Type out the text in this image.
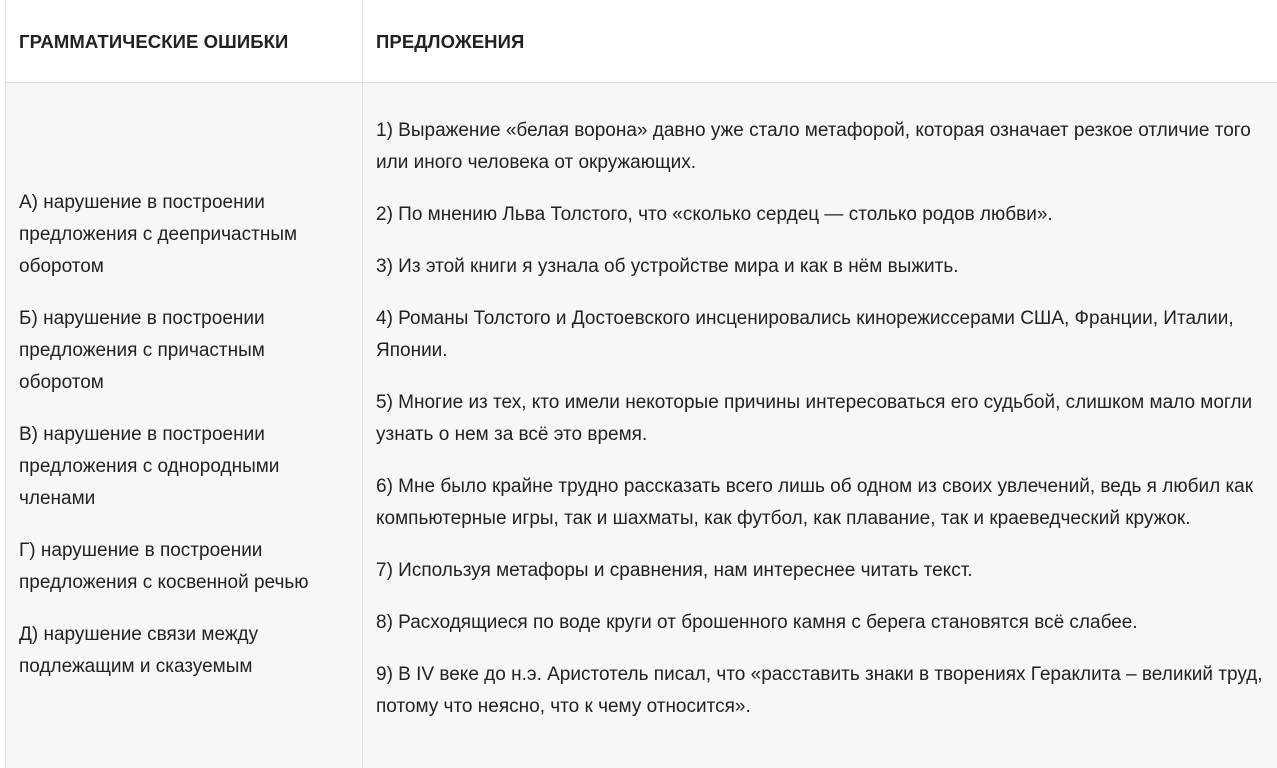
ГРАММАТИЧЕСКИЕ ОШИБКИ	ПРЕДЛОЖЕНИЯ

А) нарушение в построении предложения с деепричастным оборотом

Б) нарушение в построении предложения с причастным оборотом

В) нарушение в построении предложения с однородными членами

Г) нарушение в построении предложения с косвенной речью

Д) нарушение связи между подлежащим и сказуемым

1) Выражение «белая ворона» давно уже стало метафорой, которая означает резкое отличие того или иного человека от окружающих.

2) По мнению Льва Толстого, что «сколько сердец — столько родов любви».

3) Из этой книги я узнала об устройстве мира и как в нём выжить.

4) Романы Толстого и Достоевского инсценировались кинорежиссерами США, Франции, Италии, Японии.

5) Многие из тех, кто имели некоторые причины интересоваться его судьбой, слишком мало могли узнать о нем за всё это время.

6) Мне было крайне трудно рассказать всего лишь об одном из своих увлечений, ведь я любил как компьютерные игры, так и шахматы, как футбол, как плавание, так и краеведческий кружок.

7) Используя метафоры и сравнения, нам интереснее читать текст.

8) Расходящиеся по воде круги от брошенного камня с берега становятся всё слабее.

9) В IV веке до н.э. Аристотель писал, что «расставить знаки в творениях Гераклита – великий труд, потому что неясно, что к чему относится».
